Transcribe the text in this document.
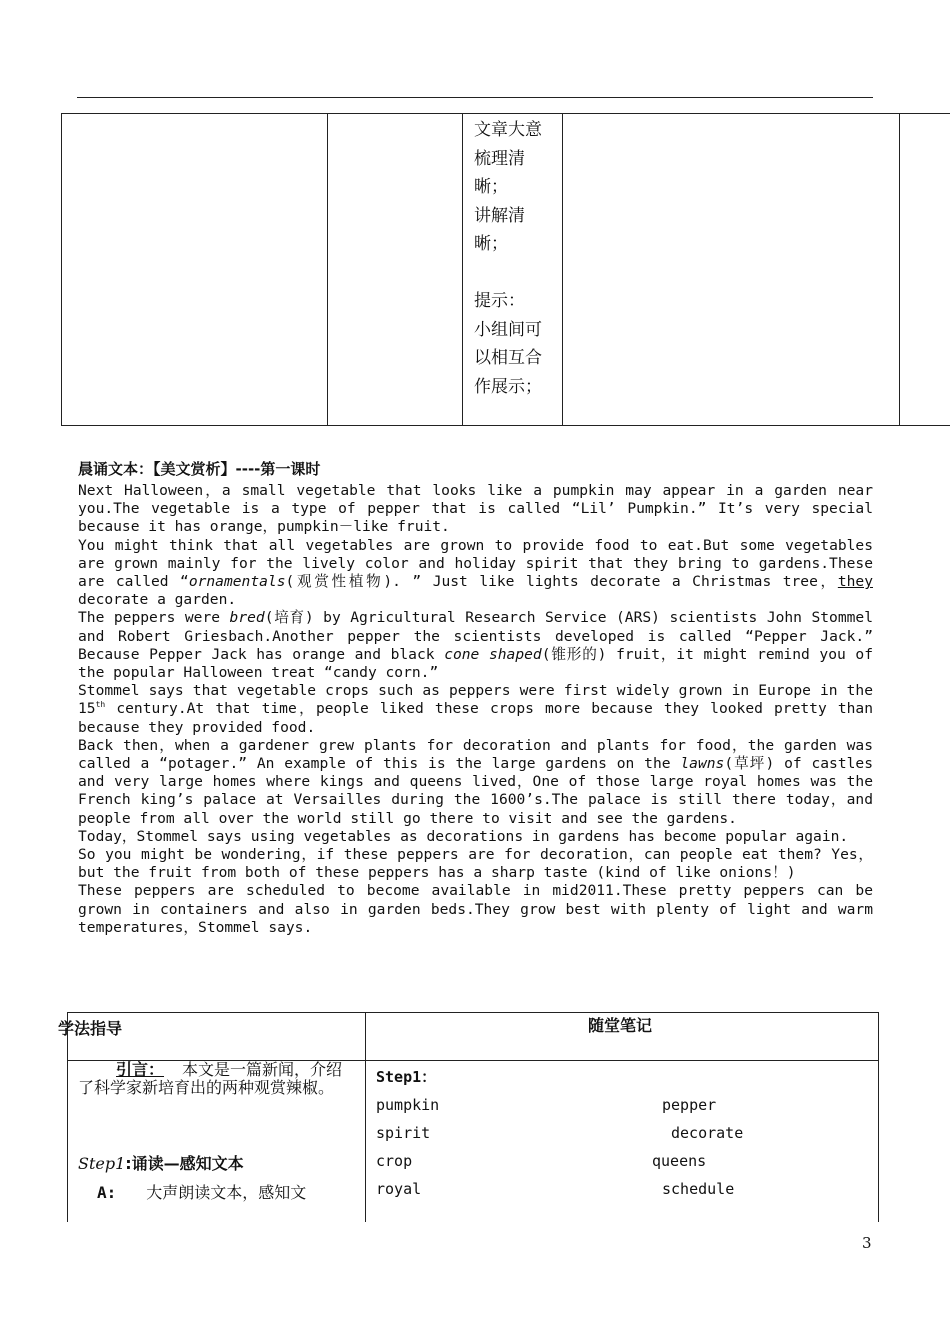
文章大意
梳理清
晰；
讲解清
晰；
提示：
小组间可
以相互合
作展示；
晨诵文本：【美文赏析】----第一课时

Next Halloween，a small vegetable that looks like a pumpkin may appear in a garden near you.The vegetable is a type of pepper that is called “Lil’ Pumpkin.” It’s very special because it has orange，pumpkin－like fruit.

You might think that all vegetables are grown to provide food to eat.But some vegetables are grown mainly for the lively color and holiday spirit that they bring to gardens.These are called “ornamentals(观赏性植物). ” Just like lights decorate a Christmas tree，they decorate a garden.

The peppers were bred(培育) by Agricultural Research Service (ARS) scientists John Stommel and Robert Griesbach.Another pepper the scientists developed is called “Pepper Jack.” Because Pepper Jack has orange and black cone shaped(锥形的) fruit，it might remind you of the popular Halloween treat “candy corn.”

Stommel says that vegetable crops such as peppers were first widely grown in Europe in the 15th century.At that time，people liked these crops more because they looked pretty than because they provided food.

Back then，when a gardener grew plants for decoration and plants for food，the garden was called a “potager.” An example of this is the large gardens on the lawns(草坪) of castles and very large homes where kings and queens lived，One of those large royal homes was the French king’s palace at Versailles during the 1600’s.The palace is still there today，and people from all over the world still go there to visit and see the gardens.

Today，Stommel says using vegetables as decorations in gardens has become popular again.

So you might be wondering，if these peppers are for decoration，can people eat them? Yes，but the fruit from both of these peppers has a sharp taste (kind of like onions！)

These peppers are scheduled to become available in mid2011.These pretty peppers can be grown in containers and also in garden beds.They grow best with plenty of light and warm temperatures，Stommel says.

学法指导	随堂笔记
引言： 本文是一篇新闻，介绍了科学家新培育出的两种观赏辣椒。
Step1:诵读—感知文本
A: 大声朗读文本，感知文
Step1：
pumpkin	pepper
spirit	decorate
crop	queens
royal	schedule
3
